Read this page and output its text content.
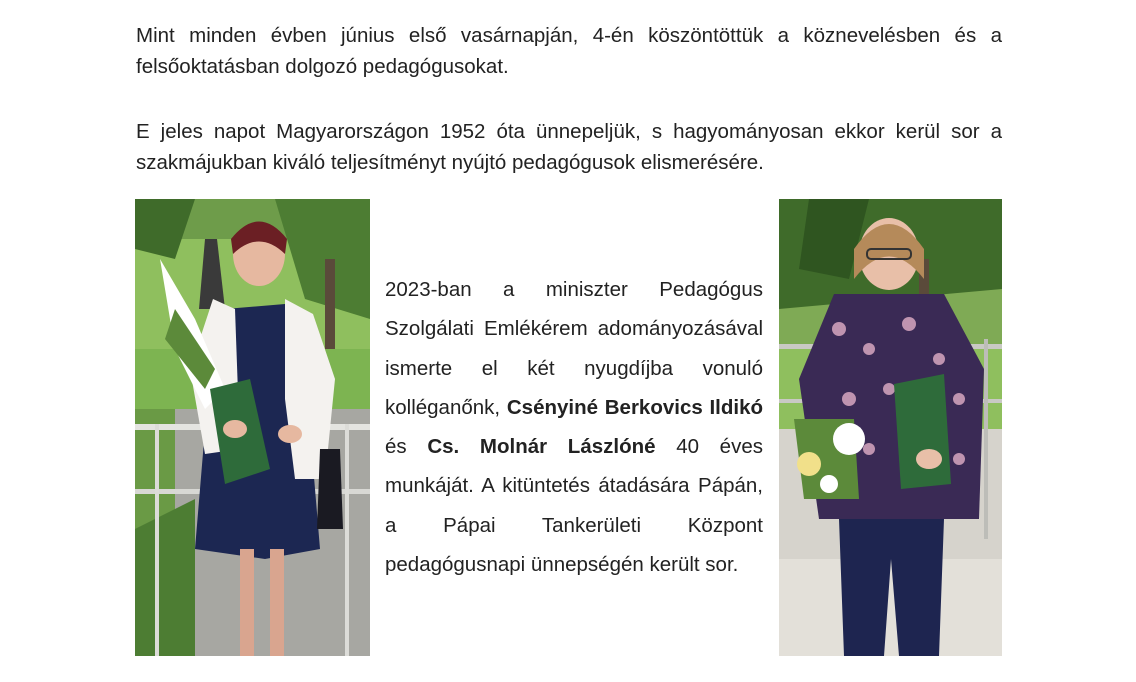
Mint minden évben június első vasárnapján, 4-én köszöntöttük a köznevelésben és a felsőoktatásban dolgozó pedagógusokat.

E jeles napot Magyarországon 1952 óta ünnepeljük, s hagyományosan ekkor kerül sor a szakmájukban kiváló teljesítményt nyújtó pedagógusok elismerésére.

2023-ban a miniszter Pedagógus Szolgálati Emlékérem adományozásával ismerte el két nyugdíjba vonuló kolléganőnk, Csényiné Berkovics Ildikó és Cs. Molnár Lászlóné 40 éves munkáját. A kitüntetés átadására Pápán, a Pápai Tankerületi Központ pedagógusnapi ünnepségén került sor.
